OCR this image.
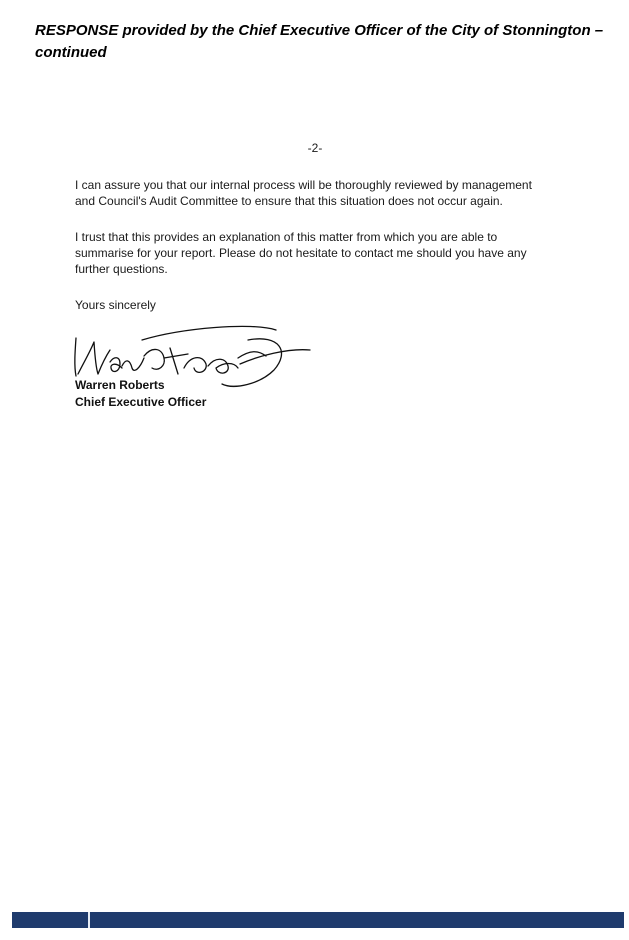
RESPONSE provided by the Chief Executive Officer of the City of Stonnington – continued
-2-

I can assure you that our internal process will be thoroughly reviewed by management and Council's Audit Committee to ensure that this situation does not occur again.

I trust that this provides an explanation of this matter from which you are able to summarise for your report. Please do not hesitate to contact me should you have any further questions.

Yours sincerely

Warren Roberts
Chief Executive Officer
